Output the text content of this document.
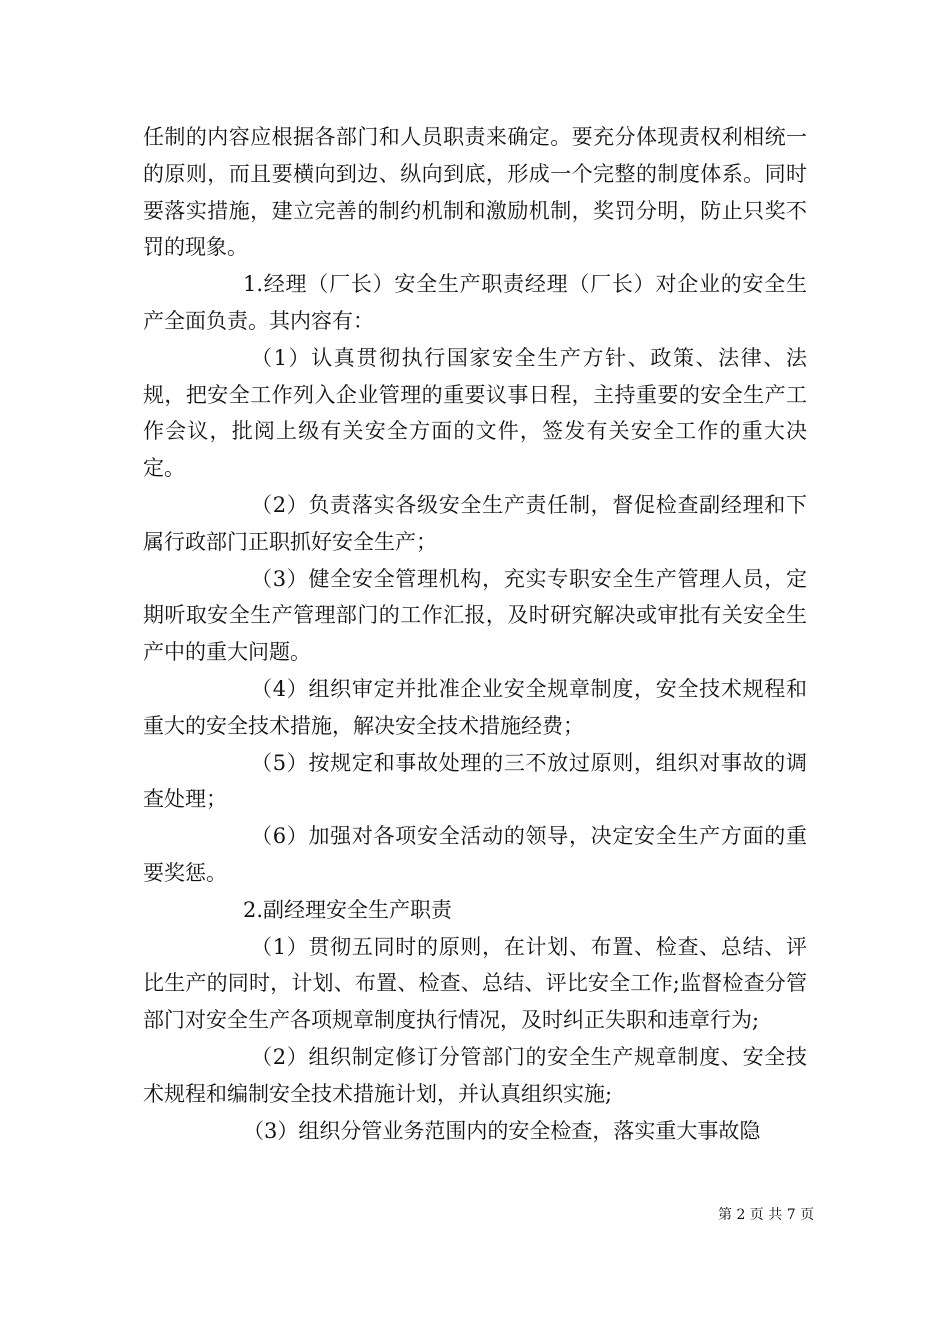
任制的内容应根据各部门和人员职责来确定。要充分体现责权利相统一的原则，而且要横向到边、纵向到底，形成一个完整的制度体系。同时要落实措施，建立完善的制约机制和激励机制，奖罚分明，防止只奖不罚的现象。

1.经理（厂长）安全生产职责经理（厂长）对企业的安全生产全面负责。其内容有：

（1）认真贯彻执行国家安全生产方针、政策、法律、法规，把安全工作列入企业管理的重要议事日程，主持重要的安全生产工作会议，批阅上级有关安全方面的文件，签发有关安全工作的重大决定。

（2）负责落实各级安全生产责任制，督促检查副经理和下属行政部门正职抓好安全生产；

（3）健全安全管理机构，充实专职安全生产管理人员，定期听取安全生产管理部门的工作汇报，及时研究解决或审批有关安全生产中的重大问题。

（4）组织审定并批准企业安全规章制度，安全技术规程和重大的安全技术措施，解决安全技术措施经费；

（5）按规定和事故处理的三不放过原则，组织对事故的调查处理；

（6）加强对各项安全活动的领导，决定安全生产方面的重要奖惩。

2.副经理安全生产职责

（1）贯彻五同时的原则，在计划、布置、检查、总结、评比生产的同时，计划、布置、检查、总结、评比安全工作;监督检查分管部门对安全生产各项规章制度执行情况，及时纠正失职和违章行为;

（2）组织制定修订分管部门的安全生产规章制度、安全技术规程和编制安全技术措施计划，并认真组织实施;

（3）组织分管业务范围内的安全检查，落实重大事故隐

第 2 页 共 7 页
